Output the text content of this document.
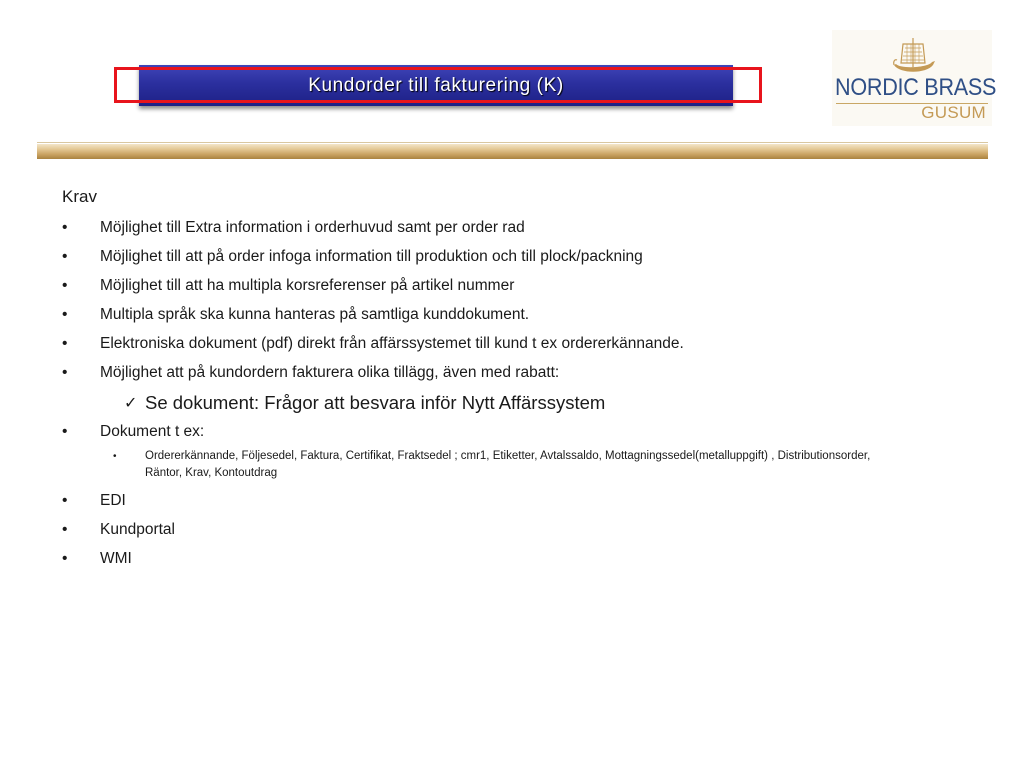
Kundorder till fakturering (K)	NORDIC BRASS
GUSUM
Krav
• Möjlighet till Extra information i orderhuvud samt per order rad
• Möjlighet till att på order infoga information till produktion och till plock/packning
• Möjlighet till att ha multipla korsreferenser på artikel nummer
• Multipla språk ska kunna hanteras på samtliga kunddokument.
• Elektroniska dokument (pdf) direkt från affärssystemet till kund t ex ordererkännande.
• Möjlighet att på kundordern fakturera olika tillägg, även med rabatt:
✓ Se dokument: Frågor att besvara inför Nytt Affärssystem
• Dokument t ex:
• Ordererkännande, Följesedel, Faktura, Certifikat, Fraktsedel ; cmr1, Etiketter, Avtalssaldo, Mottagningssedel(metalluppgift) , Distributionsorder, Räntor, Krav, Kontoutdrag
• EDI
• Kundportal
• WMI
